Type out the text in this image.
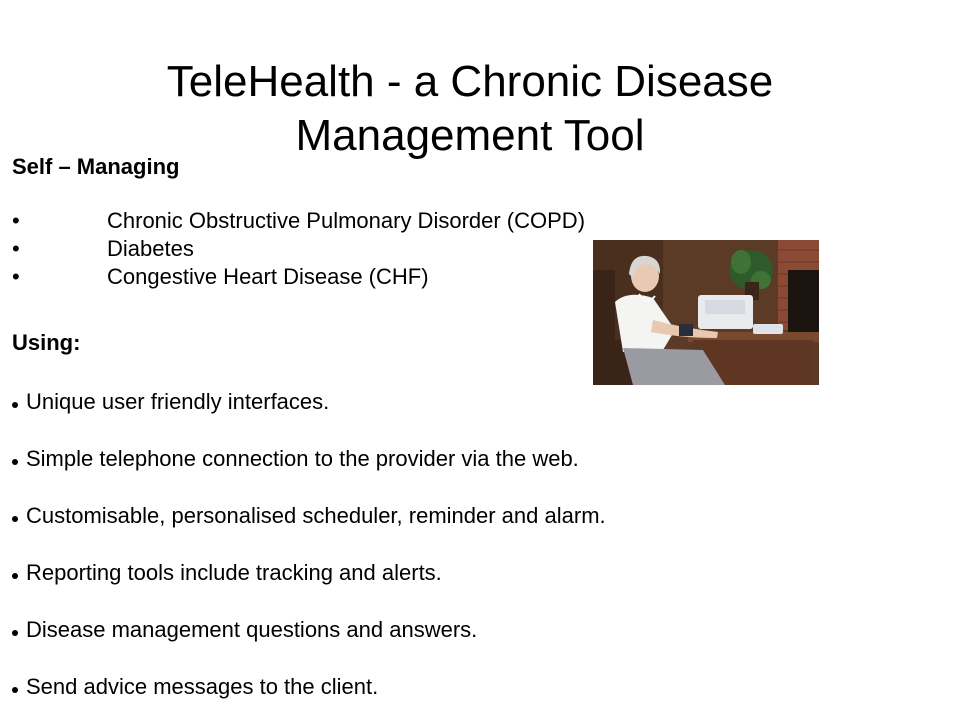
TeleHealth - a Chronic Disease
Management Tool
Self – Managing
•	Chronic Obstructive Pulmonary Disorder (COPD)
•	Diabetes
•	Congestive Heart Disease (CHF)
Using:
Unique user friendly interfaces.
Simple telephone connection to the provider via the web.
Customisable, personalised scheduler, reminder and alarm.
Reporting tools include tracking and alerts.
Disease management questions and answers.
Send advice messages to the client.
